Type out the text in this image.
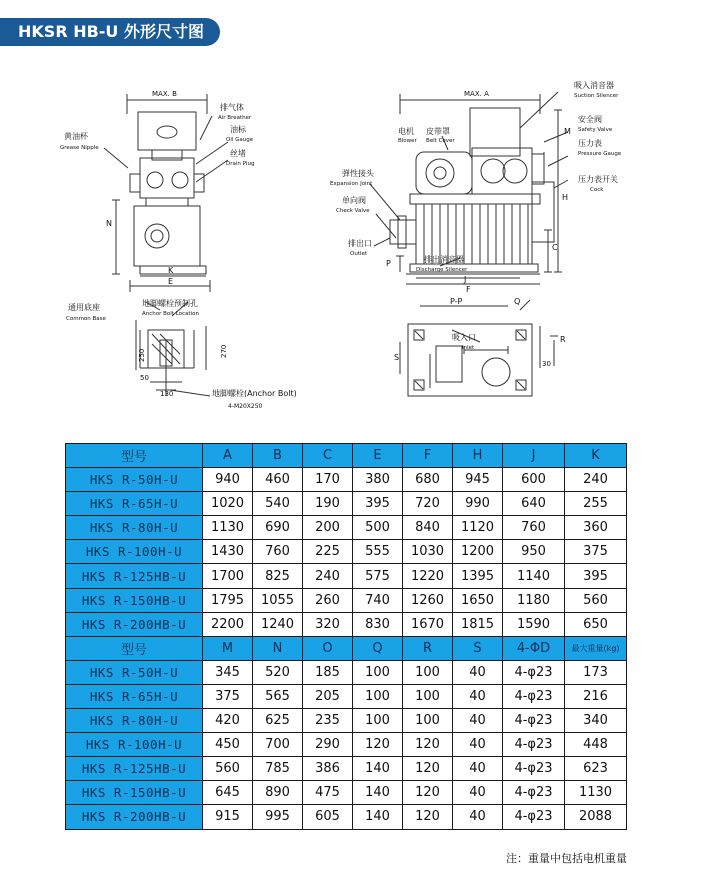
HKSR HB-U 外形尺寸图
MAX. B
排气体
Air Breather
油标
Oil Gauge
丝堵
Drain Plug
黄油杯
Grease Nipple
N
K
E
通用底座
Common Base
地脚螺栓预制孔
Anchor Bolt Location
250	270
50
130	地脚螺栓(Anchor Bolt)
4-M20X250
MAX. A
吸入消音器
Suction Silencer
电机
Blower
皮带罩
Belt Cover
M
安全阀
Safety Valve
压力表
Pressure Gauge
压力表开关
Cock
弹性接头
Expansion Joint
单向阀
Check Valve
排出口
Outlet
排出消音器
Discharge Silencer
H
C
P
J
F
P-P	Q
吸入口
Inlet
S
R
30
型号	A	B	C	E	F	H	J	K
HKS R-50H-U	940	460	170	380	680	945	600	240
HKS R-65H-U	1020	540	190	395	720	990	640	255
HKS R-80H-U	1130	690	200	500	840	1120	760	360
HKS R-100H-U	1430	760	225	555	1030	1200	950	375
HKS R-125HB-U	1700	825	240	575	1220	1395	1140	395
HKS R-150HB-U	1795	1055	260	740	1260	1650	1180	560
HKS R-200HB-U	2200	1240	320	830	1670	1815	1590	650
型号	M	N	O	Q	R	S	4-ΦD	最大重量(kg)
HKS R-50H-U	345	520	185	100	100	40	4-φ23	173
HKS R-65H-U	375	565	205	100	100	40	4-φ23	216
HKS R-80H-U	420	625	235	100	100	40	4-φ23	340
HKS R-100H-U	450	700	290	120	120	40	4-φ23	448
HKS R-125HB-U	560	785	386	140	120	40	4-φ23	623
HKS R-150HB-U	645	890	475	140	120	40	4-φ23	1130
HKS R-200HB-U	915	995	605	140	120	40	4-φ23	2088
注：重量中包括电机重量
